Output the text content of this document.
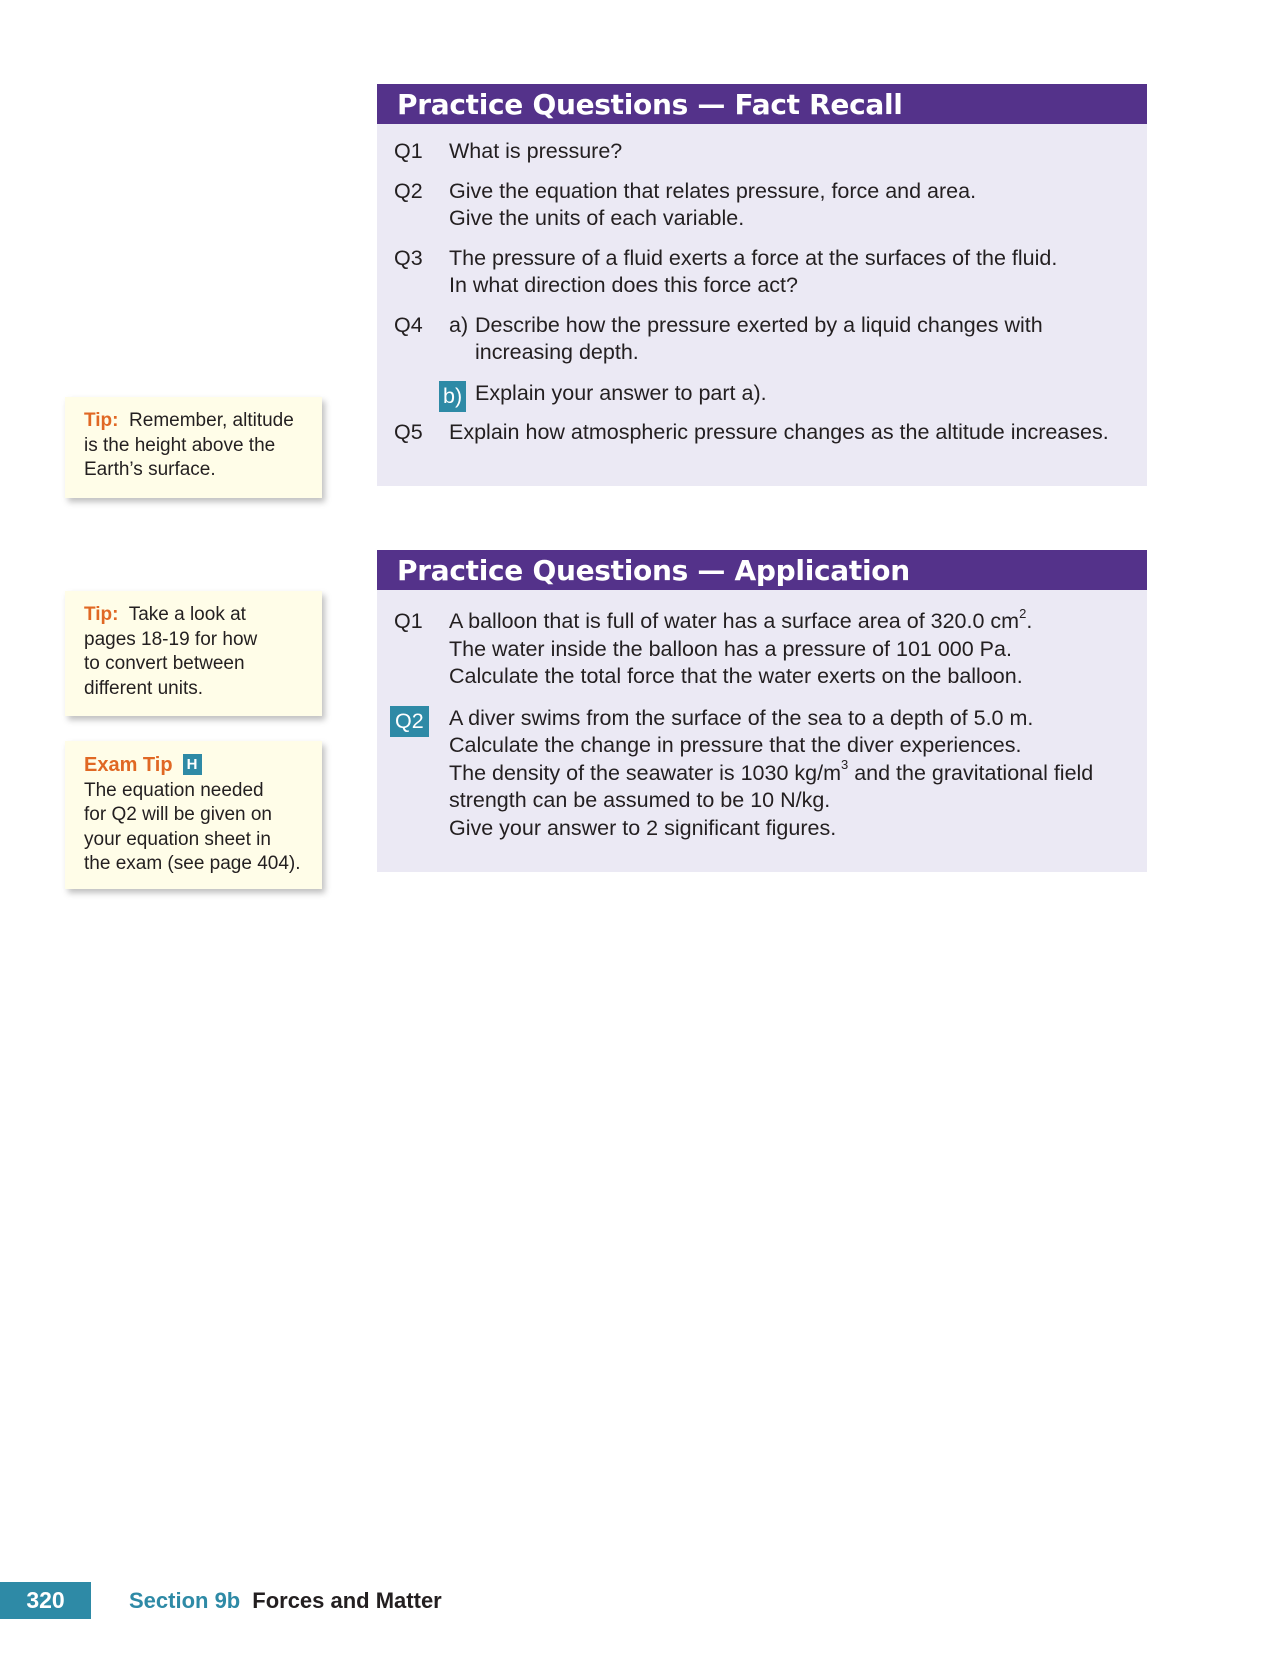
Practice Questions — Fact Recall
Q1 What is pressure?
Q2 Give the equation that relates pressure, force and area.
Give the units of each variable.
Q3 The pressure of a fluid exerts a force at the surfaces of the fluid.
In what direction does this force act?
Q4 a) Describe how the pressure exerted by a liquid changes with
increasing depth.
b) Explain your answer to part a).
Q5 Explain how atmospheric pressure changes as the altitude increases.
Practice Questions — Application
Q1 A balloon that is full of water has a surface area of 320.0 $cm^2$.
The water inside the balloon has a pressure of 101 000 Pa.
Calculate the total force that the water exerts on the balloon.
Q2 A diver swims from the surface of the sea to a depth of 5.0 m.
Calculate the change in pressure that the diver experiences.
The density of the seawater is 1030 $kg/m^3$ and the gravitational field
strength can be assumed to be 10 N/kg.
Give your answer to 2 significant figures.
Tip: Remember, altitude
is the height above the
Earth’s surface.
Tip: Take a look at
pages 18-19 for how
to convert between
different units.
Exam Tip H
The equation needed
for Q2 will be given on
your equation sheet in
the exam (see page 404).
320	Section 9b Forces and Matter
